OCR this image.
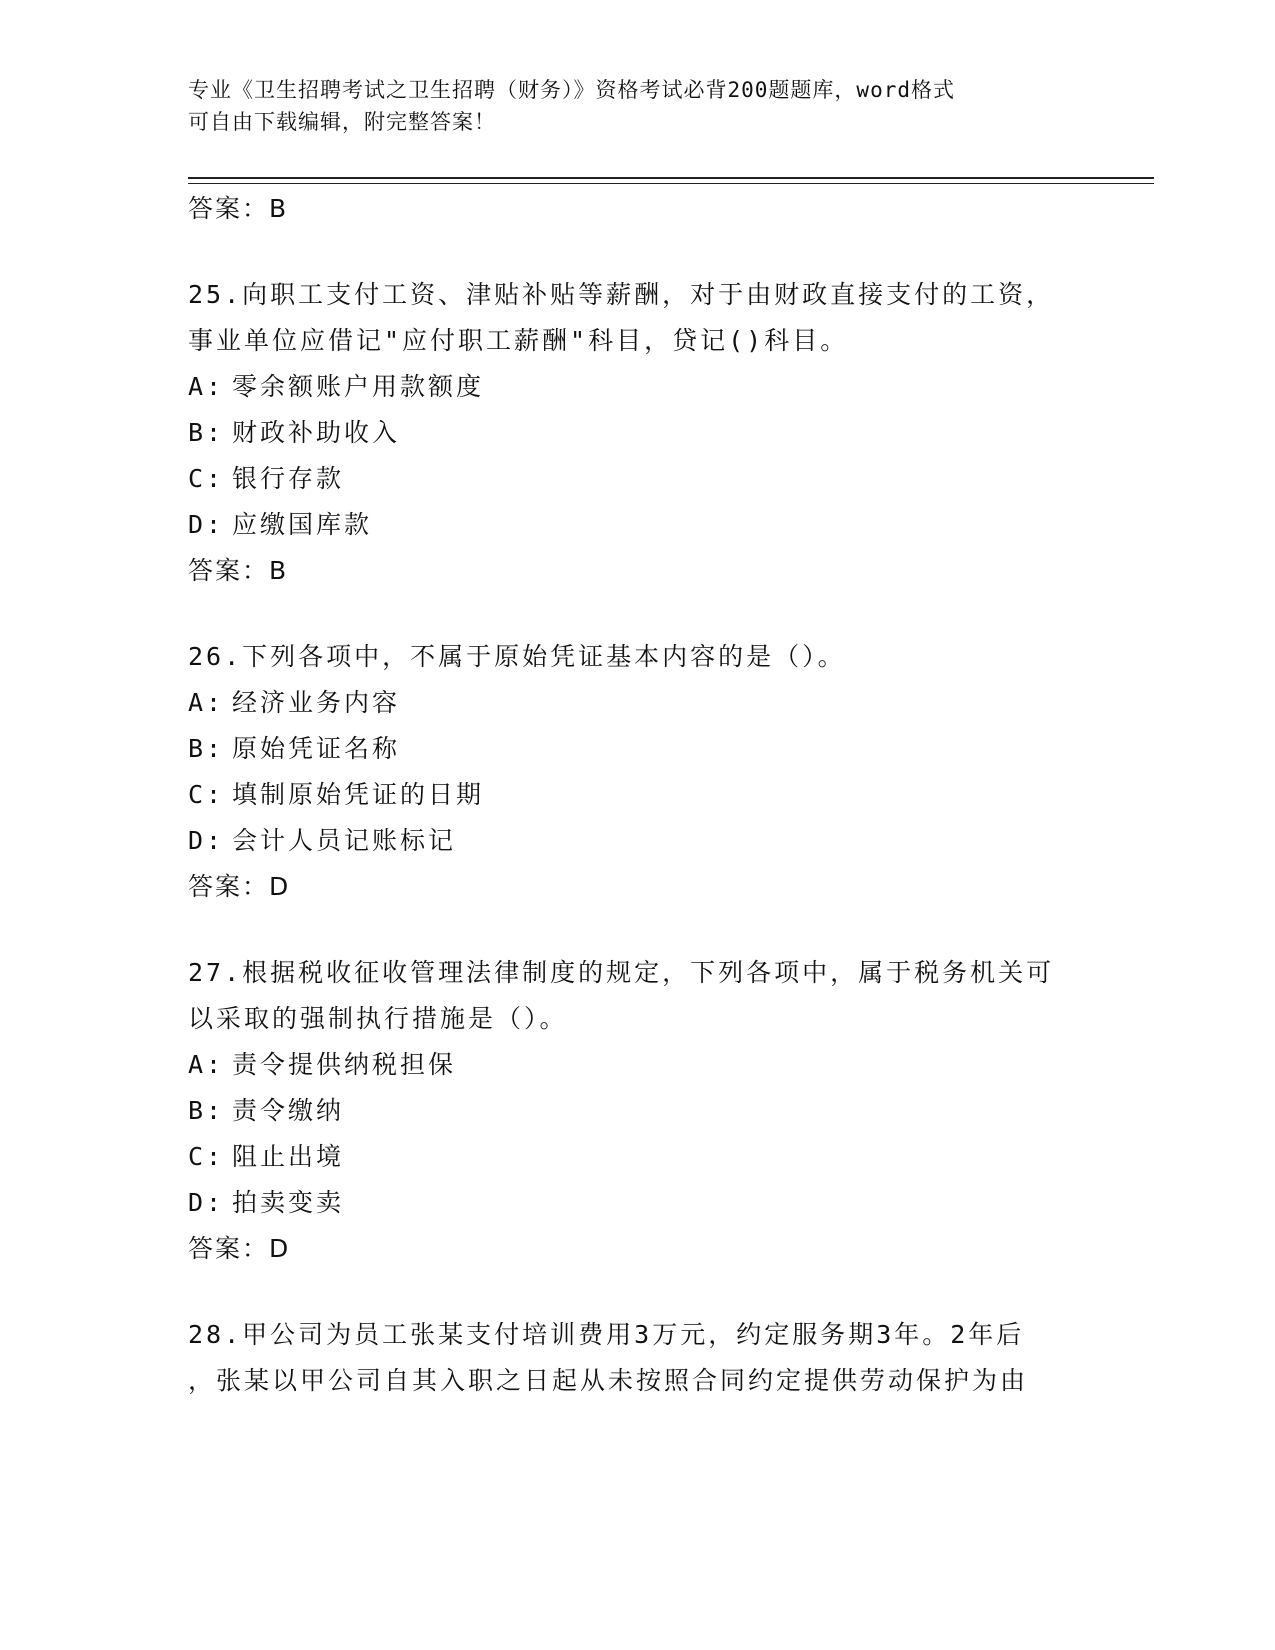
专业《卫生招聘考试之卫生招聘（财务）》资格考试必背200题题库，word格式
可自由下载编辑，附完整答案！
答案：B
25.向职工支付工资、津贴补贴等薪酬，对于由财政直接支付的工资，
事业单位应借记"应付职工薪酬"科目，贷记()科目。
A: 零余额账户用款额度
B: 财政补助收入
C: 银行存款
D: 应缴国库款
答案：B
26.下列各项中，不属于原始凭证基本内容的是（）。
A: 经济业务内容
B: 原始凭证名称
C: 填制原始凭证的日期
D: 会计人员记账标记
答案：D
27.根据税收征收管理法律制度的规定，下列各项中，属于税务机关可
以采取的强制执行措施是（）。
A: 责令提供纳税担保
B: 责令缴纳
C: 阻止出境
D: 拍卖变卖
答案：D
28.甲公司为员工张某支付培训费用3万元，约定服务期3年。2年后
，张某以甲公司自其入职之日起从未按照合同约定提供劳动保护为由
